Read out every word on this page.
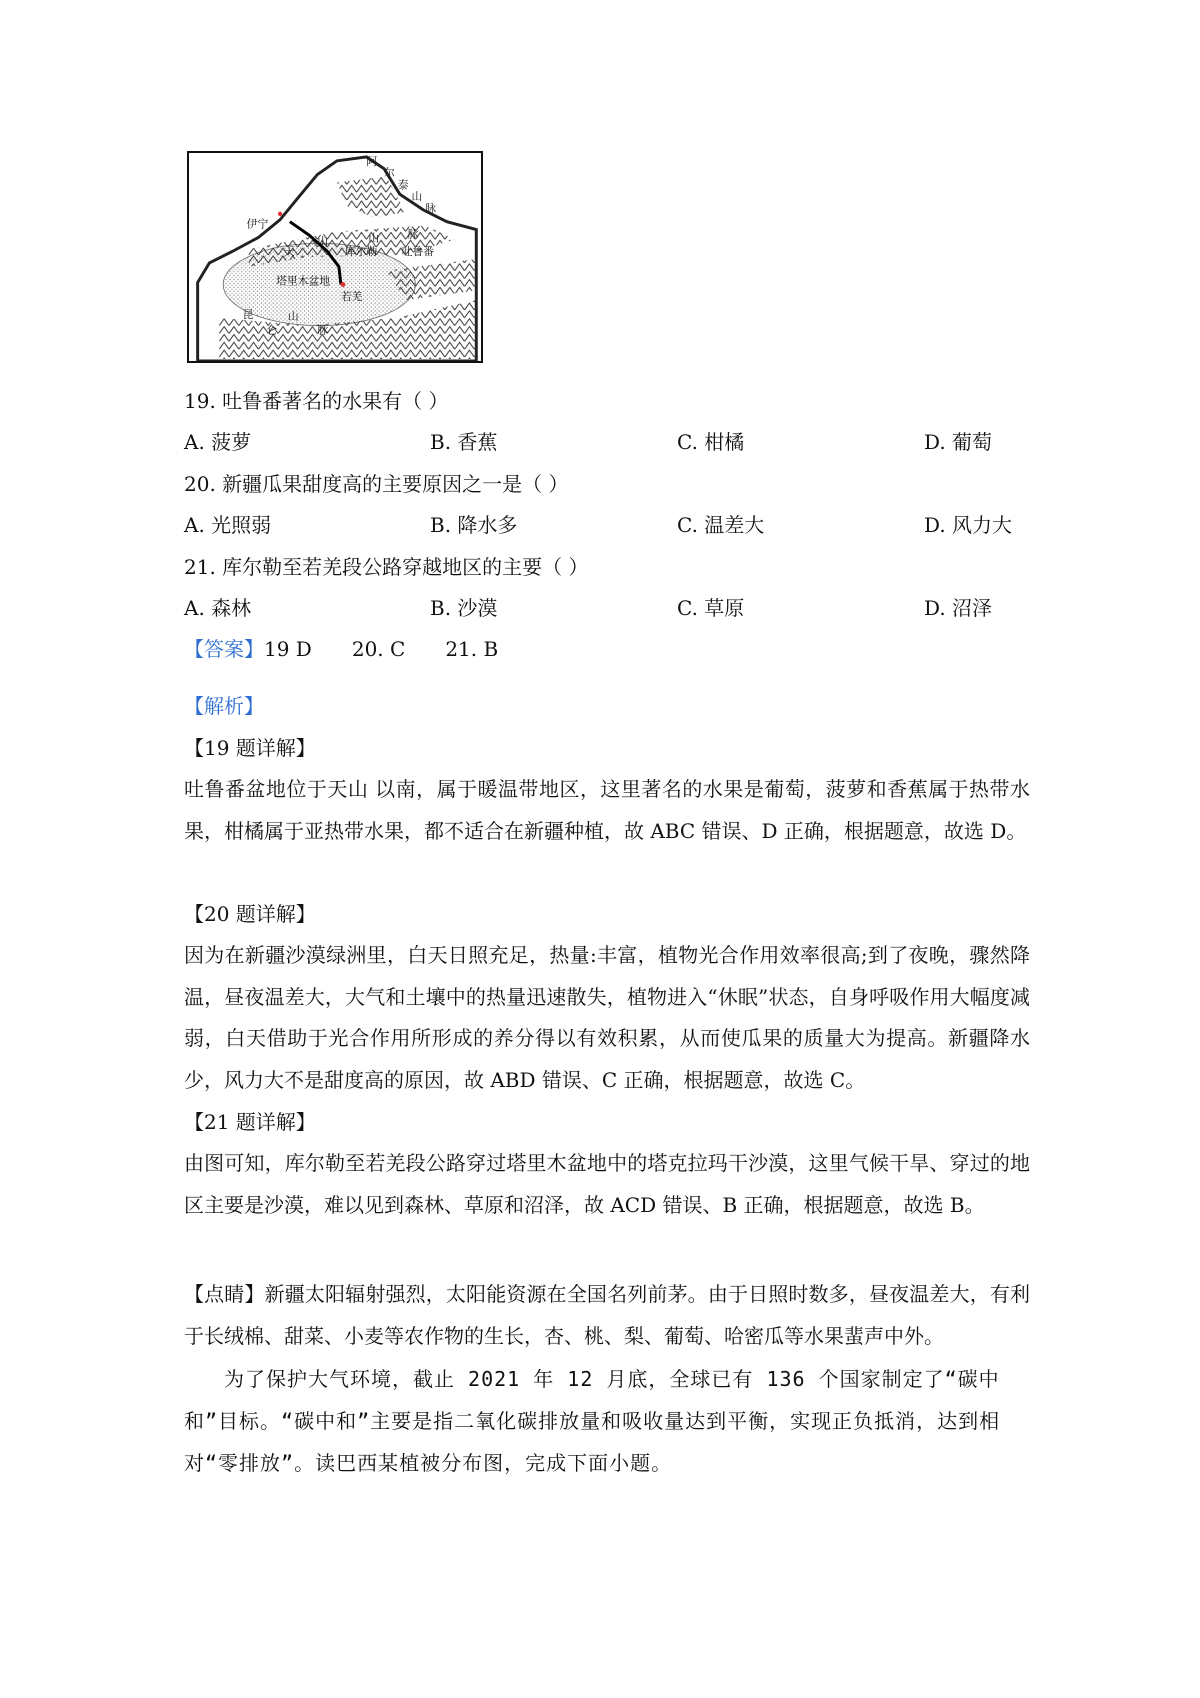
阿
尔
泰
山
脉
伊宁
天
山	山	脉
库尔勒 吐鲁番
塔里木盆地
若羌
昆
仑
山
脉
19. 吐鲁番著名的水果有（ ）
A. 菠萝	B. 香蕉	C. 柑橘	D. 葡萄
20. 新疆瓜果甜度高的主要原因之一是（ ）
A. 光照弱	B. 降水多	C. 温差大	D. 风力大
21. 库尔勒至若羌段公路穿越地区的主要（ ）
A. 森林	B. 沙漠	C. 草原	D. 沼泽
【答案】19 D 20. C 21. B
【解析】
【19 题详解】
吐鲁番盆地位于天山 以南，属于暖温带地区，这里著名的水果是葡萄，菠萝和香蕉属于热带水果，柑橘属于亚热带水果，都不适合在新疆种植，故 ABC 错误、D 正确，根据题意，故选 D。
【20 题详解】
因为在新疆沙漠绿洲里，白天日照充足，热量:丰富，植物光合作用效率很高;到了夜晚，骤然降温，昼夜温差大，大气和土壤中的热量迅速散失，植物进入“休眠”状态，自身呼吸作用大幅度减弱，白天借助于光合作用所形成的养分得以有效积累，从而使瓜果的质量大为提高。新疆降水少，风力大不是甜度高的原因，故 ABD 错误、C 正确，根据题意，故选 C。
【21 题详解】
由图可知，库尔勒至若羌段公路穿过塔里木盆地中的塔克拉玛干沙漠，这里气候干旱、穿过的地区主要是沙漠，难以见到森林、草原和沼泽，故 ACD 错误、B 正确，根据题意，故选 B。
【点睛】新疆太阳辐射强烈，太阳能资源在全国名列前茅。由于日照时数多，昼夜温差大，有利于长绒棉、甜菜、小麦等农作物的生长，杏、桃、梨、葡萄、哈密瓜等水果蜚声中外。
为了保护大气环境，截止 2021 年 12 月底，全球已有 136 个国家制定了“碳中和”目标。“碳中和”主要是指二氧化碳排放量和吸收量达到平衡，实现正负抵消，达到相对“零排放”。读巴西某植被分布图，完成下面小题。
